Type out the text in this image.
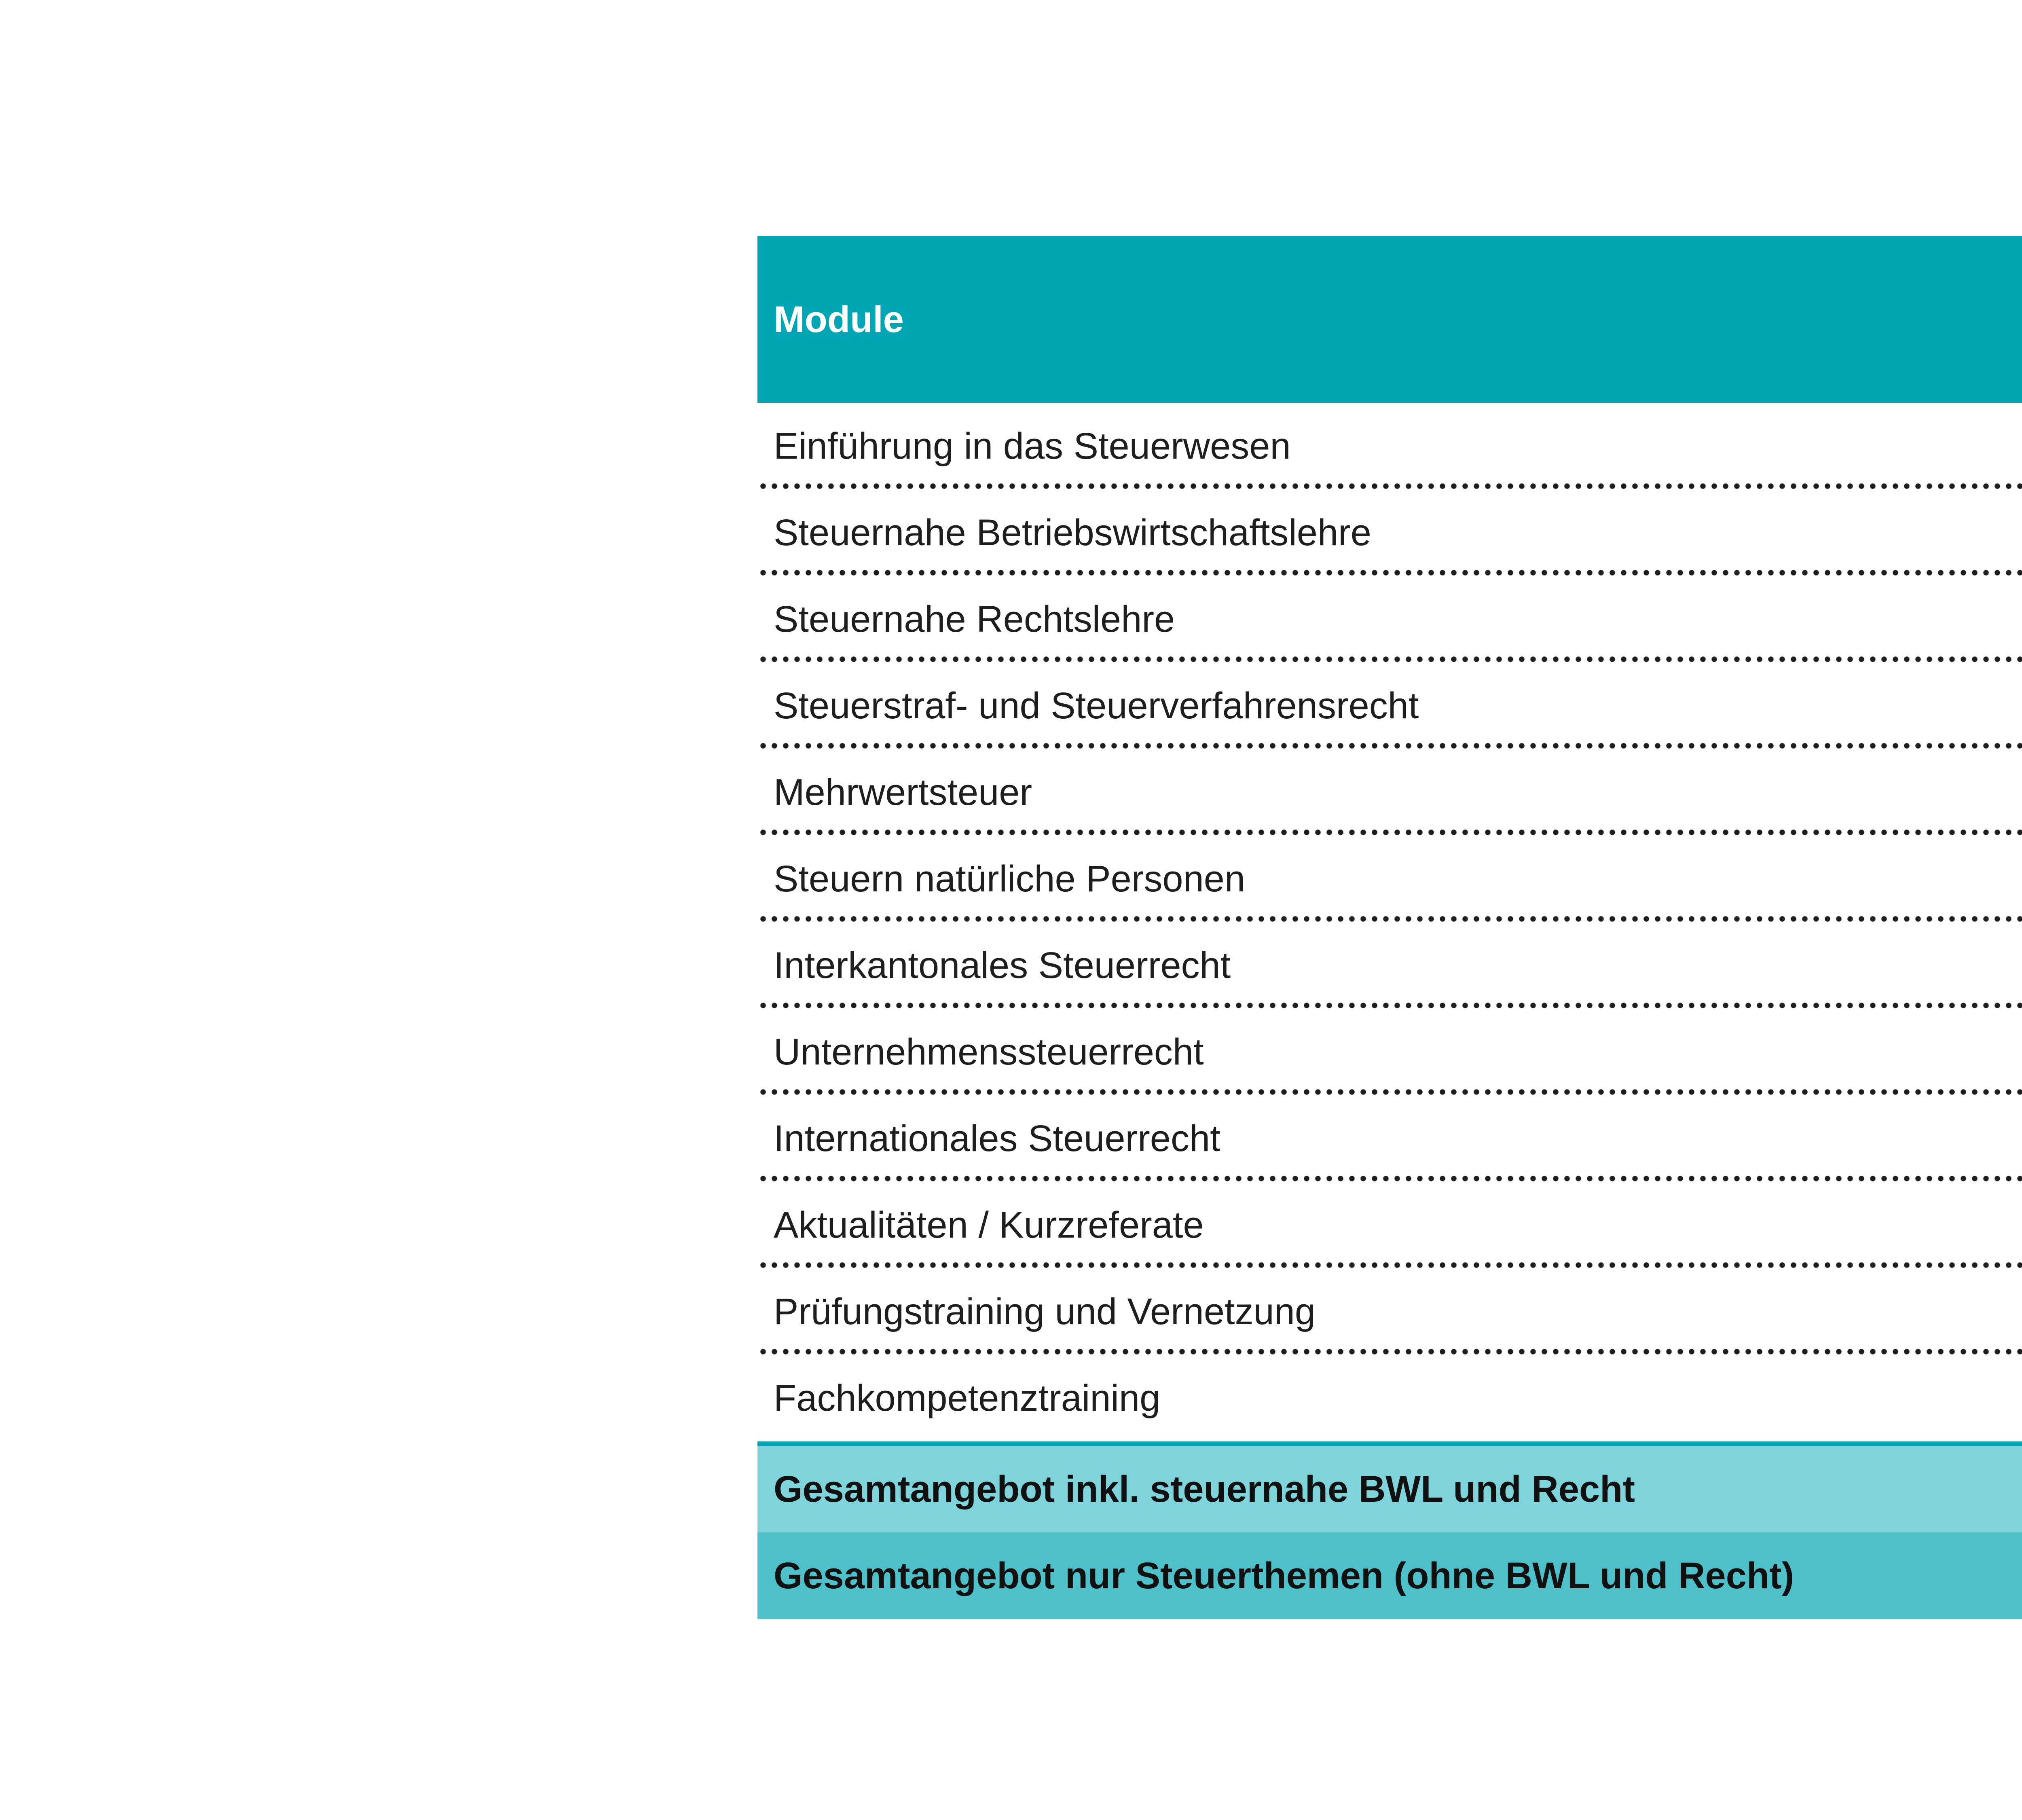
Module
Einführung in das Steuerwesen
Steuernahe Betriebswirtschaftslehre
Steuernahe Rechtslehre
Steuerstraf- und Steuerverfahrensrecht
Mehrwertsteuer
Steuern natürliche Personen
Interkantonales Steuerrecht
Unternehmenssteuerrecht
Internationales Steuerrecht
Aktualitäten / Kurzreferate
Prüfungstraining und Vernetzung
Fachkompetenztraining
Gesamtangebot inkl. steuernahe BWL und Recht
Gesamtangebot nur Steuerthemen (ohne BWL und Recht)
